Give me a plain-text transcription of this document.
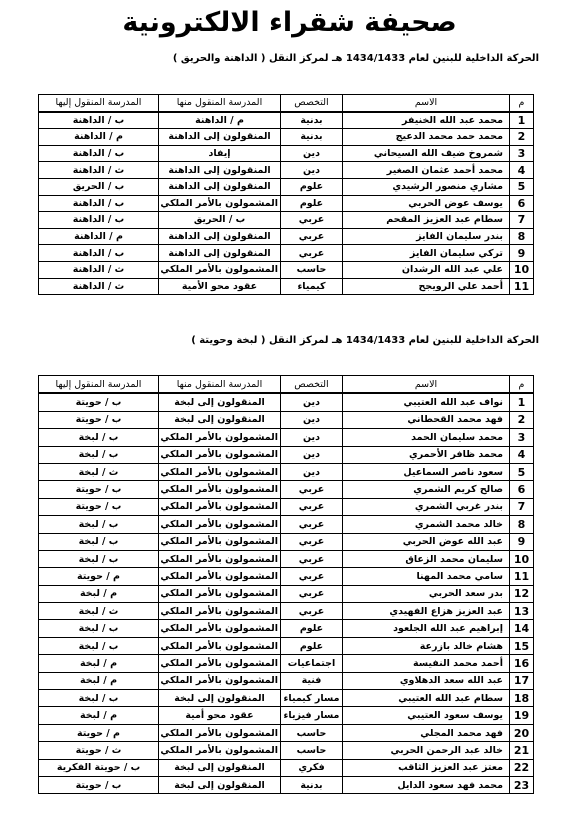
صحيفة شقراء الالكترونية
الحركة الداخلية للبنين لعام 1434/1433 هـ لمركز النقل ( الداهنة والحريق )
م	الاسم	التخصص	المدرسة المنقول منها	المدرسة المنقول إليها
1	محمد عبد الله الخنيفر	بدنية	م / الداهنة	ب / الداهنة
2	محمد حمد محمد الدعيج	بدنية	المنقولون إلى الداهنة	م / الداهنة
3	شمروخ ضيف الله السيحاني	دين	إيفاد	ب / الداهنة
4	محمد أحمد عثمان الصغير	دين	المنقولون إلى الداهنة	ث / الداهنة
5	مشاري منصور الرشيدي	علوم	المنقولون إلى الداهنة	ب / الحريق
6	يوسف عوض الحربي	علوم	المشمولون بالأمر الملكي	ب / الداهنة
7	سطام عبد العزيز المقحم	عربي	ب / الحريق	ب / الداهنة
8	بندر سليمان الفايز	عربي	المنقولون إلى الداهنة	م / الداهنة
9	تركي سليمان الفايز	عربي	المنقولون إلى الداهنة	ب / الداهنة
10	علي عبد الله الرشدان	حاسب	المشمولون بالأمر الملكي	ث / الداهنة
11	أحمد علي الرويجح	كيمياء	عقود محو الأمية	ث / الداهنة
الحركة الداخلية للبنين لعام 1434/1433 هـ لمركز النقل ( لبخة وحويتة )
م	الاسم	التخصص	المدرسة المنقول منها	المدرسة المنقول إليها
1	نواف عبد الله العتيبي	دين	المنقولون إلى لبخة	ب / حويتة
2	فهد محمد القحطاني	دين	المنقولون إلى لبخة	ب / حويتة
3	محمد سليمان الحمد	دين	المشمولون بالأمر الملكي	ب / لبخة
4	محمد ظافر الأحمري	دين	المشمولون بالأمر الملكي	ب / لبخة
5	سعود ناصر السماعيل	دين	المشمولون بالأمر الملكي	ث / لبخة
6	صالح كريم الشمري	عربي	المشمولون بالأمر الملكي	ب / حويتة
7	بندر غربي الشمري	عربي	المشمولون بالأمر الملكي	ب / حويتة
8	خالد محمد الشمري	عربي	المشمولون بالأمر الملكي	ب / لبخة
9	عبد الله عوض الحربي	عربي	المشمولون بالأمر الملكي	ب / لبخة
10	سليمان محمد الزعاق	عربي	المشمولون بالأمر الملكي	ب / لبخة
11	سامي محمد المهنا	عربي	المشمولون بالأمر الملكي	م / حويتة
12	بدر سعد الحربي	عربي	المشمولون بالأمر الملكي	م / لبخة
13	عبد العزيز هزاع الفهيدي	عربي	المشمولون بالأمر الملكي	ث / لبخة
14	إبراهيم عبد الله الجلعود	علوم	المشمولون بالأمر الملكي	ب / لبخة
15	هشام خالد بازرعة	علوم	المشمولون بالأمر الملكي	ب / لبخة
16	أحمد محمد النفيسة	اجتماعيات	المشمولون بالأمر الملكي	م / لبخة
17	عبد الله سعد الدهلاوي	فنية	المشمولون بالأمر الملكي	م / لبخة
18	سطام عبد الله العتيبي	مسار كيمياء	المنقولون إلى لبخة	ب / لبخة
19	يوسف سعود العتيبي	مسار فيزياء	عقود محو أمية	م / لبخة
20	فهد محمد المجلي	حاسب	المشمولون بالأمر الملكي	م / حويتة
21	خالد عبد الرحمن الحربي	حاسب	المشمولون بالأمر الملكي	ث / حويتة
22	معتز عبد العزيز الثاقب	فكري	المنقولون إلى لبخة	ب / حويتة الفكرية
23	محمد فهد سعود الدايل	بدنية	المنقولون إلى لبخة	ب / حويتة
